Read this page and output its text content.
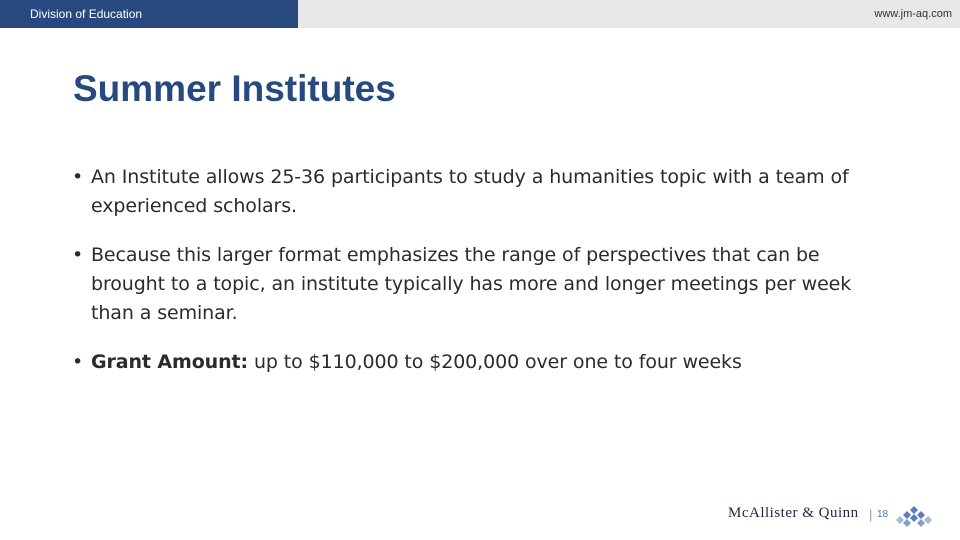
Division of Education	www.jm-aq.com
Summer Institutes
• An Institute allows 25-36 participants to study a humanities topic with a team of experienced scholars.
• Because this larger format emphasizes the range of perspectives that can be brought to a topic, an institute typically has more and longer meetings per week than a seminar.
• Grant Amount: up to $110,000 to $200,000 over one to four weeks
McAllister & Quinn | 18
